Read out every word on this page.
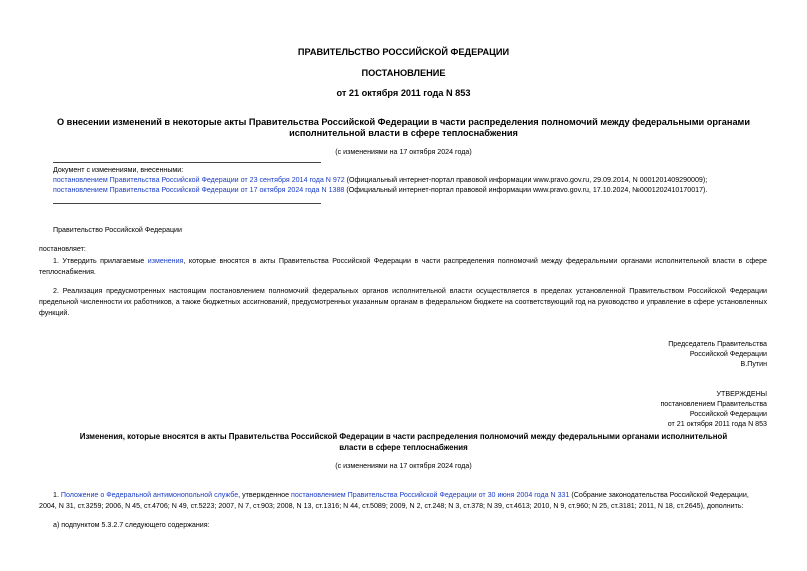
ПРАВИТЕЛЬСТВО РОССИЙСКОЙ ФЕДЕРАЦИИ
ПОСТАНОВЛЕНИЕ
от 21 октября 2011 года N 853
О внесении изменений в некоторые акты Правительства Российской Федерации в части распределения полномочий между федеральными органами
исполнительной власти в сфере теплоснабжения
(с изменениями на 17 октября 2024 года)
Документ с изменениями, внесенными:
постановлением Правительства Российской Федерации от 23 сентября 2014 года N 972 (Официальный интернет-портал правовой информации www.pravo.gov.ru, 29.09.2014, N 0001201409290009);
постановлением Правительства Российской Федерации от 17 октября 2024 года N 1388 (Официальный интернет-портал правовой информации www.pravo.gov.ru, 17.10.2024, №0001202410170017).
Правительство Российской Федерации
постановляет:
1. Утвердить прилагаемые изменения, которые вносятся в акты Правительства Российской Федерации в части распределения полномочий между федеральными органами исполнительной власти в сфере теплоснабжения.
2. Реализация предусмотренных настоящим постановлением полномочий федеральных органов исполнительной власти осуществляется в пределах установленной Правительством Российской Федерации предельной численности их работников, а также бюджетных ассигнований, предусмотренных указанным органам в федеральном бюджете на соответствующий год на руководство и управление в сфере установленных функций.
Председатель Правительства
Российской Федерации
В.Путин
УТВЕРЖДЕНЫ
постановлением Правительства
Российской Федерации
от 21 октября 2011 года N 853
Изменения, которые вносятся в акты Правительства Российской Федерации в части распределения полномочий между федеральными органами исполнительной
власти в сфере теплоснабжения
(с изменениями на 17 октября 2024 года)
1. Положение о Федеральной антимонопольной службе, утвержденное постановлением Правительства Российской Федерации от 30 июня 2004 года N 331 (Собрание законодательства Российской Федерации,
2004, N 31, ст.3259; 2006, N 45, ст.4706; N 49, ст.5223; 2007, N 7, ст.903; 2008, N 13, ст.1316; N 44, ст.5089; 2009, N 2, ст.248; N 3, ст.378; N 39, ст.4613; 2010, N 9, ст.960; N 25, ст.3181; 2011, N 18, ст.2645), дополнить:
а) подпунктом 5.3.2.7 следующего содержания:
